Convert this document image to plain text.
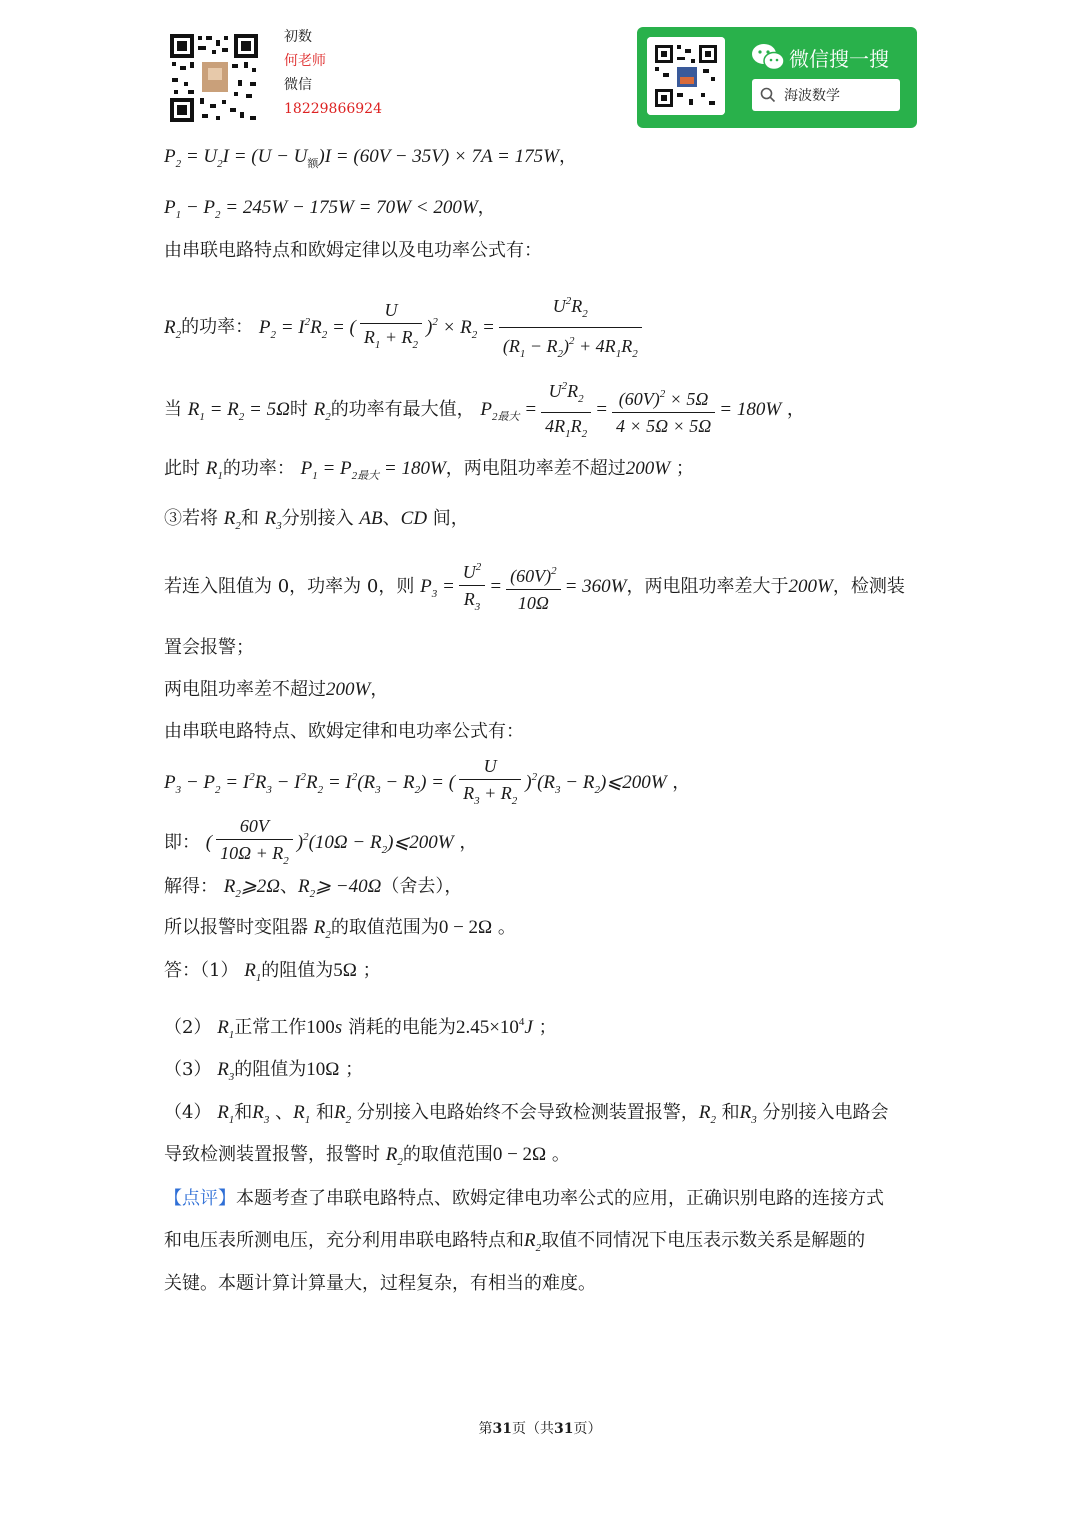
初数
何老师
微信
18229866924
微信搜一搜
海波数学
$P_2 = U_2I = (U - U_额)I = (60V - 35V) \times 7A = 175W$，
$P_1 - P_2 = 245W - 175W = 70W < 200W$，
由串联电路特点和欧姆定律以及电功率公式有：
$R_2$的功率： $P_2 = I^2R_2$ = ( $\frac{U}{R_1 + R_2} )^2 \times R_2 = \frac{U^2R_2}{(R_1 - R_2)^2 + 4R_1R_2}$
当 $R_1 = R_2 = 5\Omega$时 $R_2$的功率有最大值， $P_{2最大} = \frac{U^2R_2}{4R_1R_2} = \frac{(60V)^2 \times 5\Omega}{4 \times 5\Omega \times 5\Omega} = 180W$ ，
此时 $R_1$的功率： $P_1 = P_{2最大} = 180W$，两电阻功率差不超过200W ；
③若将 $R_2$和 $R_3$分别接入 AB、CD 间，
若连入阻值为 0，功率为 0，则 $P_3 = \frac{U^2}{R_3} = \frac{(60V)^2}{10\Omega} = 360W$，两电阻功率差大于200W，检测装
置会报警；
两电阻功率差不超过200W，
由串联电路特点、欧姆定律和电功率公式有：
$P_3 - P_2 = I^2R_3 - I^2R_2 = I^2(R_3 - R_2)$ = ( $\frac{U}{R_3 + R_2} )^2(R_3$ − $R_2)⩽200W$ ，
即： ( $\frac{60V}{10\Omega + R_2} )^2(10\Omega$ − $R_2)⩽200W$ ，
解得： $R_2⩾2\Omega$、$R_2⩾ -40\Omega$（舍去），
所以报警时变阻器 $R_2$的取值范围为0 − 2Ω 。
答：（1） $R_1$的阻值为5Ω ；
（2） $R_1$正常工作100s 消耗的电能为$2.45\times 10^4J$ ；
（3） $R_3$的阻值为10Ω ；
（4） $R_1$和$R_3$ 、$R_1$ 和$R_2$ 分别接入电路始终不会导致检测装置报警，$R_2$ 和$R_3$ 分别接入电路会
导致检测装置报警，报警时 $R_2$的取值范围0 − 2Ω 。
【点评】本题考查了串联电路特点、欧姆定律电功率公式的应用，正确识别电路的连接方式
和电压表所测电压，充分利用串联电路特点和$R_2$取值不同情况下电压表示数关系是解题的
关键。本题计算计算量大，过程复杂，有相当的难度。
第31页（共31页）
